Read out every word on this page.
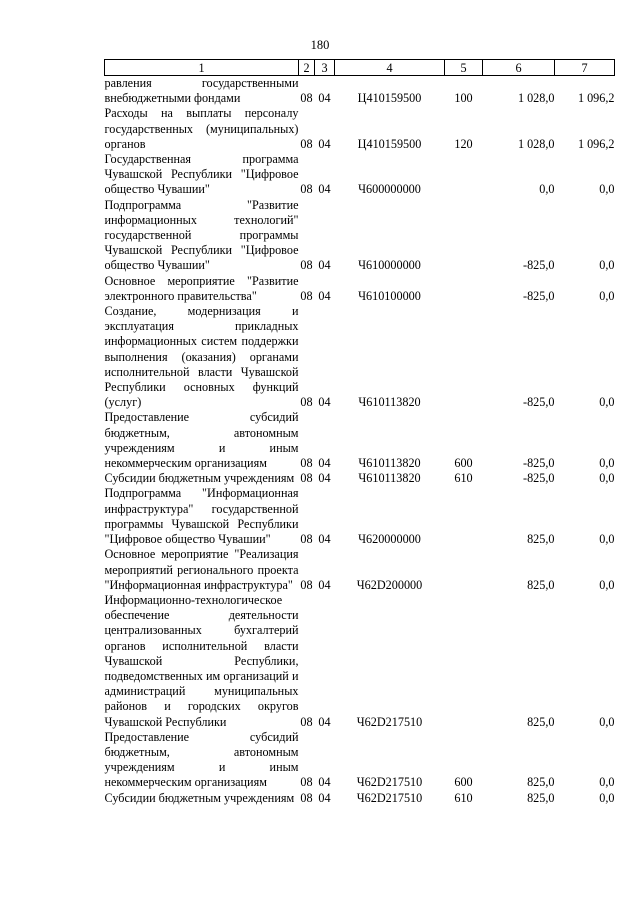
180
1	2	3	4	5	6	7
равления государственными внебюджетными фондами	08	04	Ц410159500	100	1 028,0	1 096,2
Расходы на выплаты персоналу государственных (муниципальных) органов	08	04	Ц410159500	120	1 028,0	1 096,2
Государственная программа Чувашской Республики "Цифровое общество Чувашии"	08	04	Ч600000000		0,0	0,0
Подпрограмма "Развитие информационных технологий" государственной программы Чувашской Республики "Цифровое общество Чувашии"	08	04	Ч610000000		-825,0	0,0
Основное мероприятие "Развитие электронного правительства"	08	04	Ч610100000		-825,0	0,0
Создание, модернизация и эксплуатация прикладных информационных систем поддержки выполнения (оказания) органами исполнительной власти Чувашской Республики основных функций (услуг)	08	04	Ч610113820		-825,0	0,0
Предоставление субсидий бюджетным, автономным учреждениям и иным некоммерческим организациям	08	04	Ч610113820	600	-825,0	0,0
Субсидии бюджетным учреждениям	08	04	Ч610113820	610	-825,0	0,0
Подпрограмма "Информационная инфраструктура" государственной программы Чувашской Республики "Цифровое общество Чувашии"	08	04	Ч620000000		825,0	0,0
Основное мероприятие "Реализация мероприятий регионального проекта "Информационная инфраструктура"	08	04	Ч62D200000		825,0	0,0
Информационно-технологическое обеспечение деятельности централизованных бухгалтерий органов исполнительной власти Чувашской Республики, подведомственных им организаций и администраций муниципальных районов и городских округов Чувашской Республики	08	04	Ч62D217510		825,0	0,0
Предоставление субсидий бюджетным, автономным учреждениям и иным некоммерческим организациям	08	04	Ч62D217510	600	825,0	0,0
Субсидии бюджетным учреждениям	08	04	Ч62D217510	610	825,0	0,0
